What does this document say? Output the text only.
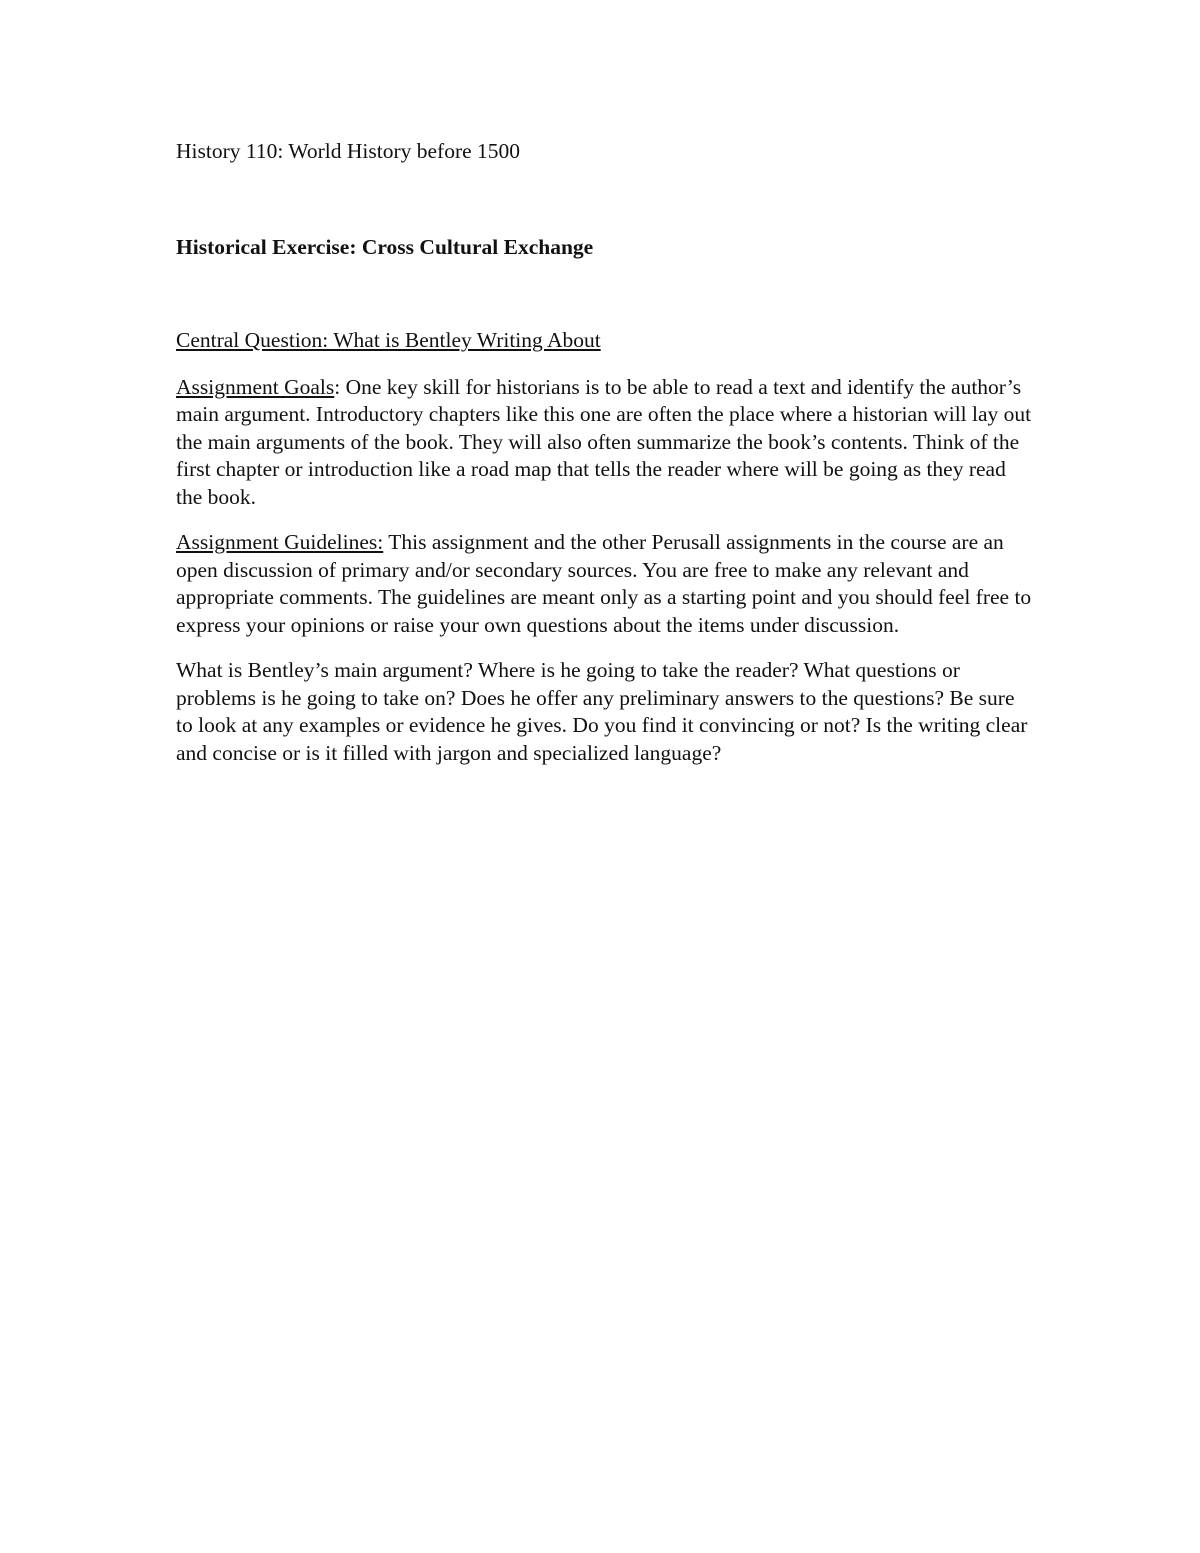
History 110: World History before 1500

Historical Exercise: Cross Cultural Exchange

Central Question: What is Bentley Writing About

Assignment Goals: One key skill for historians is to be able to read a text and identify the author’s main argument. Introductory chapters like this one are often the place where a historian will lay out the main arguments of the book. They will also often summarize the book’s contents. Think of the first chapter or introduction like a road map that tells the reader where will be going as they read the book.

Assignment Guidelines: This assignment and the other Perusall assignments in the course are an open discussion of primary and/or secondary sources. You are free to make any relevant and appropriate comments. The guidelines are meant only as a starting point and you should feel free to express your opinions or raise your own questions about the items under discussion.

What is Bentley’s main argument? Where is he going to take the reader? What questions or problems is he going to take on? Does he offer any preliminary answers to the questions? Be sure to look at any examples or evidence he gives. Do you find it convincing or not? Is the writing clear and concise or is it filled with jargon and specialized language?
